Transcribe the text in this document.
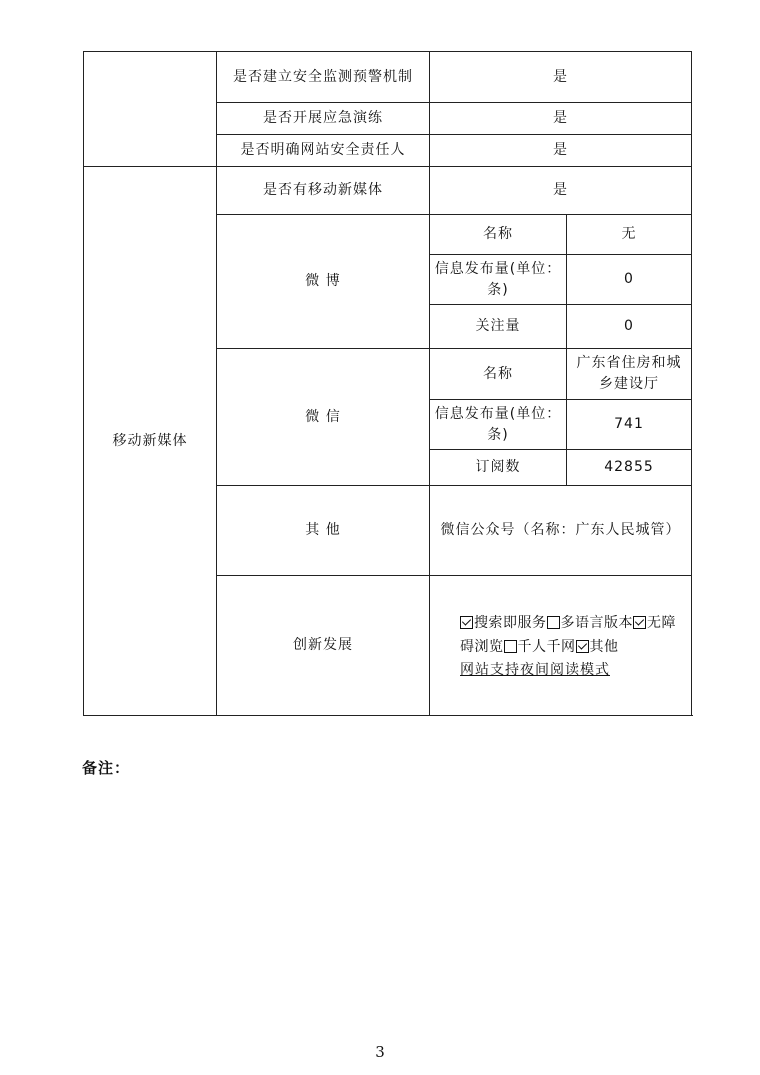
	是否建立安全监测预警机制	是	
	是否开展应急演练	是	
	是否明确网站安全责任人	是	
移动新媒体	是否有移动新媒体	是	
	微 博	名称	无
		信息发布量(单位：条)	0
		关注量	0
	微 信	名称	广东省住房和城乡建设厅
		信息发布量(单位：条)	741
		订阅数	42855
	其 他	微信公众号（名称：广东人民城管）	
	创新发展	搜索即服务 多语言版本 无障碍浏览 千人千网 其他
网站支持夜间阅读模式	
备注：
3
